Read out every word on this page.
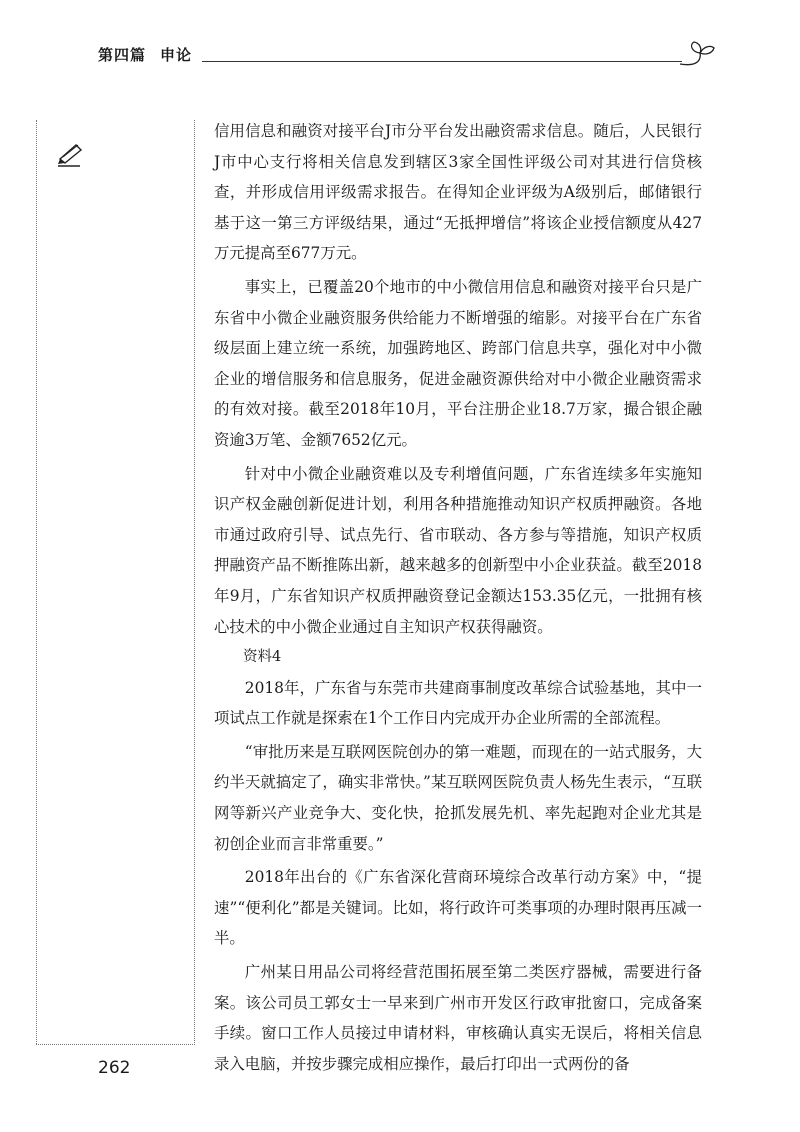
第四篇 申论

信用信息和融资对接平台J市分平台发出融资需求信息。随后，人民银行J市中心支行将相关信息发到辖区3家全国性评级公司对其进行信贷核查，并形成信用评级需求报告。在得知企业评级为A级别后，邮储银行基于这一第三方评级结果，通过“无抵押增信”将该企业授信额度从427万元提高至677万元。

事实上，已覆盖20个地市的中小微信用信息和融资对接平台只是广东省中小微企业融资服务供给能力不断增强的缩影。对接平台在广东省级层面上建立统一系统，加强跨地区、跨部门信息共享，强化对中小微企业的增信服务和信息服务，促进金融资源供给对中小微企业融资需求的有效对接。截至2018年10月，平台注册企业18.7万家，撮合银企融资逾3万笔、金额7652亿元。

针对中小微企业融资难以及专利增值问题，广东省连续多年实施知识产权金融创新促进计划，利用各种措施推动知识产权质押融资。各地市通过政府引导、试点先行、省市联动、各方参与等措施，知识产权质押融资产品不断推陈出新，越来越多的创新型中小企业获益。截至2018年9月，广东省知识产权质押融资登记金额达153.35亿元，一批拥有核心技术的中小微企业通过自主知识产权获得融资。

资料4

2018年，广东省与东莞市共建商事制度改革综合试验基地，其中一项试点工作就是探索在1个工作日内完成开办企业所需的全部流程。

“审批历来是互联网医院创办的第一难题，而现在的一站式服务，大约半天就搞定了，确实非常快。”某互联网医院负责人杨先生表示，“互联网等新兴产业竞争大、变化快，抢抓发展先机、率先起跑对企业尤其是初创企业而言非常重要。”

2018年出台的《广东省深化营商环境综合改革行动方案》中，“提速”“便利化”都是关键词。比如，将行政许可类事项的办理时限再压减一半。

广州某日用品公司将经营范围拓展至第二类医疗器械，需要进行备案。该公司员工郭女士一早来到广州市开发区行政审批窗口，完成备案手续。窗口工作人员接过申请材料，审核确认真实无误后，将相关信息录入电脑，并按步骤完成相应操作，最后打印出一式两份的备

262
